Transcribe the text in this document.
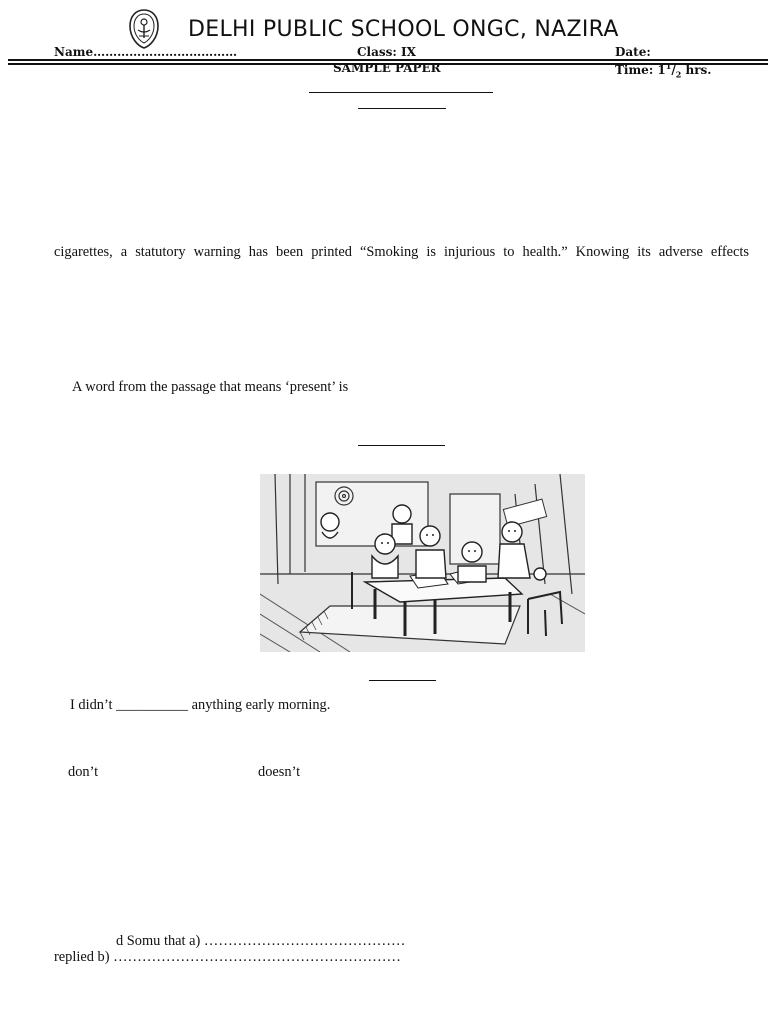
DELHI PUBLIC SCHOOL ONGC, NAZIRA
Name………………………………	Class: IX	Date:
SAMPLE PAPER	Time: $1^1/_2$ hrs.
cigarettes, a statutory warning has been printed “Smoking is injurious to health.” Knowing its adverse effects
A word from the passage that means ‘present’ is
I didn’t __________ anything early morning.
don’t	doesn’t
d Somu that a) ……………………………………
replied b) ……………………………………………………
